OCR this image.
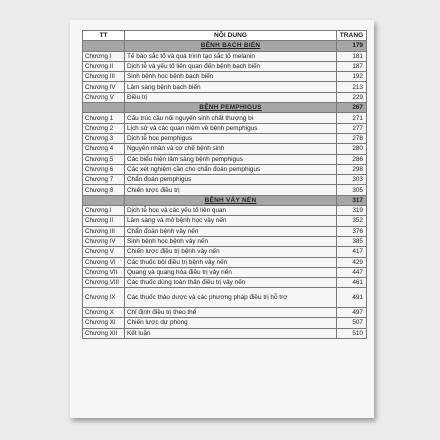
TT	NỘI DUNG	TRANG
	BỆNH BẠCH BIẾN	179
Chương I	Tế bào sắc tố và quá trình tạo sắc tố melanin	181
Chương II	Dịch tễ và yếu tố liên quan đến bệnh bạch biến	187
Chương III	Sinh bệnh học bệnh bạch biến	192
Chương IV	Lâm sàng bệnh bạch biến	213
Chương V	Điều trị	229
	BỆNH PEMPHIGUS	267
Chương 1	Cấu trúc cầu nối nguyên sinh chất thượng bì	271
Chương 2	Lịch sử và các quan niệm về bệnh pemphigus	277
Chương 3	Dịch tễ học pemphigus	278
Chương 4	Nguyên nhân và cơ chế bệnh sinh	280
Chương 5	Các biểu hiện lâm sàng bệnh pemphigus	286
Chương 6	Các xét nghiệm cần cho chẩn đoán pemphigus	298
Chương 7	Chẩn đoán pemphigus	303
Chương 8	Chiến lược điều trị	305
	BỆNH VẢY NẾN	317
Chương I	Dịch tễ học và các yếu tố liên quan	319
Chương II	Lâm sàng và mô bệnh học vảy nến	352
Chương III	Chẩn đoán bệnh vảy nến	376
Chương IV	Sinh bệnh học bệnh vảy nến	385
Chương V	Chiến lược điều trị bệnh vảy nến	417
Chương VI	Các thuốc bôi điều trị bệnh vảy nến	429
Chương VII	Quang và quang hóa điều trị vảy nến	447
Chương VIII	Các thuốc dùng toàn thân điều trị vảy nến	461
Chương IX	Các thuốc thảo dược và các phương pháp điều trị hỗ trợ	491
Chương X	Chỉ định điều trị theo thể	497
Chương XI	Chiến lược dự phòng	507
Chương XII	Kết luận	510
